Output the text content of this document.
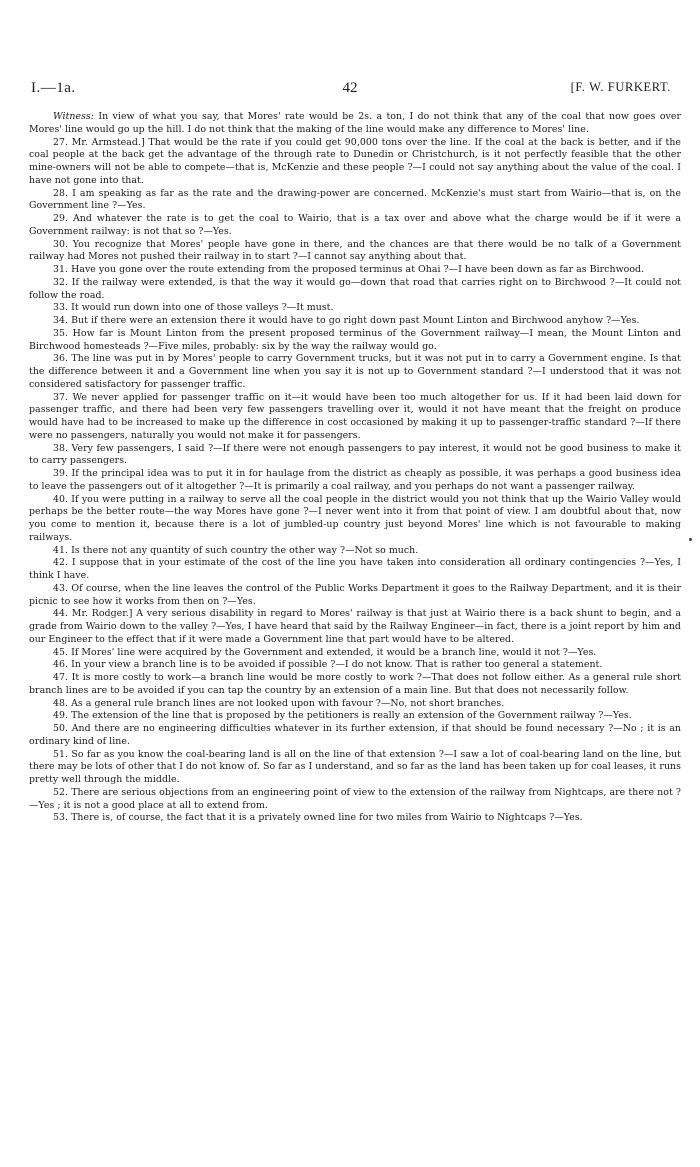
I.—1a.	42	[F. W. FURKERT.

Witness: In view of what you say, that Mores' rate would be 2s. a ton, I do not think that any of the coal that now goes over Mores' line would go up the hill. I do not think that the making of the line would make any difference to Mores' line.

27. Mr. Armstead.] That would be the rate if you could get 90,000 tons over the line. If the coal at the back is better, and if the coal people at the back get the advantage of the through rate to Dunedin or Christchurch, is it not perfectly feasible that the other mine-owners will not be able to compete—that is, McKenzie and these people ?—I could not say anything about the value of the coal. I have not gone into that.

28. I am speaking as far as the rate and the drawing-power are concerned. McKenzie's must start from Wairio—that is, on the Government line ?—Yes.

29. And whatever the rate is to get the coal to Wairio, that is a tax over and above what the charge would be if it were a Government railway: is not that so ?—Yes.

30. You recognize that Mores' people have gone in there, and the chances are that there would be no talk of a Government railway had Mores not pushed their railway in to start ?—I cannot say anything about that.

31. Have you gone over the route extending from the proposed terminus at Ohai ?—I have been down as far as Birchwood.

32. If the railway were extended, is that the way it would go—down that road that carries right on to Birchwood ?—It could not follow the road.

33. It would run down into one of those valleys ?—It must.

34. But if there were an extension there it would have to go right down past Mount Linton and Birchwood anyhow ?—Yes.

35. How far is Mount Linton from the present proposed terminus of the Government railway—I mean, the Mount Linton and Birchwood homesteads ?—Five miles, probably: six by the way the railway would go.

36. The line was put in by Mores' people to carry Government trucks, but it was not put in to carry a Government engine. Is that the difference between it and a Government line when you say it is not up to Government standard ?—I understood that it was not considered satisfactory for passenger traffic.

37. We never applied for passenger traffic on it—it would have been too much altogether for us. If it had been laid down for passenger traffic, and there had been very few passengers travelling over it, would it not have meant that the freight on produce would have had to be increased to make up the difference in cost occasioned by making it up to passenger-traffic standard ?—If there were no passengers, naturally you would not make it for passengers.

38. Very few passengers, I said ?—If there were not enough passengers to pay interest, it would not be good business to make it to carry passengers.

39. If the principal idea was to put it in for haulage from the district as cheaply as possible, it was perhaps a good business idea to leave the passengers out of it altogether ?—It is primarily a coal railway, and you perhaps do not want a passenger railway.

40. If you were putting in a railway to serve all the coal people in the district would you not think that up the Wairio Valley would perhaps be the better route—the way Mores have gone ?—I never went into it from that point of view. I am doubtful about that, now you come to mention it, because there is a lot of jumbled-up country just beyond Mores' line which is not favourable to making railways.

41. Is there not any quantity of such country the other way ?—Not so much.

42. I suppose that in your estimate of the cost of the line you have taken into consideration all ordinary contingencies ?—Yes, I think I have.

43. Of course, when the line leaves the control of the Public Works Department it goes to the Railway Department, and it is their picnic to see how it works from then on ?—Yes.

44. Mr. Rodger.] A very serious disability in regard to Mores' railway is that just at Wairio there is a back shunt to begin, and a grade from Wairio down to the valley ?—Yes, I have heard that said by the Railway Engineer—in fact, there is a joint report by him and our Engineer to the effect that if it were made a Government line that part would have to be altered.

45. If Mores' line were acquired by the Government and extended, it would be a branch line, would it not ?—Yes.

46. In your view a branch line is to be avoided if possible ?—I do not know. That is rather too general a statement.

47. It is more costly to work—a branch line would be more costly to work ?—That does not follow either. As a general rule short branch lines are to be avoided if you can tap the country by an extension of a main line. But that does not necessarily follow.

48. As a general rule branch lines are not looked upon with favour ?—No, not short branches.

49. The extension of the line that is proposed by the petitioners is really an extension of the Government railway ?—Yes.

50. And there are no engineering difficulties whatever in its further extension, if that should be found necessary ?—No ; it is an ordinary kind of line.

51. So far as you know the coal-bearing land is all on the line of that extension ?—I saw a lot of coal-bearing land on the line, but there may be lots of other that I do not know of. So far as I understand, and so far as the land has been taken up for coal leases, it runs pretty well through the middle.

52. There are serious objections from an engineering point of view to the extension of the railway from Nightcaps, are there not ?—Yes ; it is not a good place at all to extend from.

53. There is, of course, the fact that it is a privately owned line for two miles from Wairio to Nightcaps ?—Yes.
